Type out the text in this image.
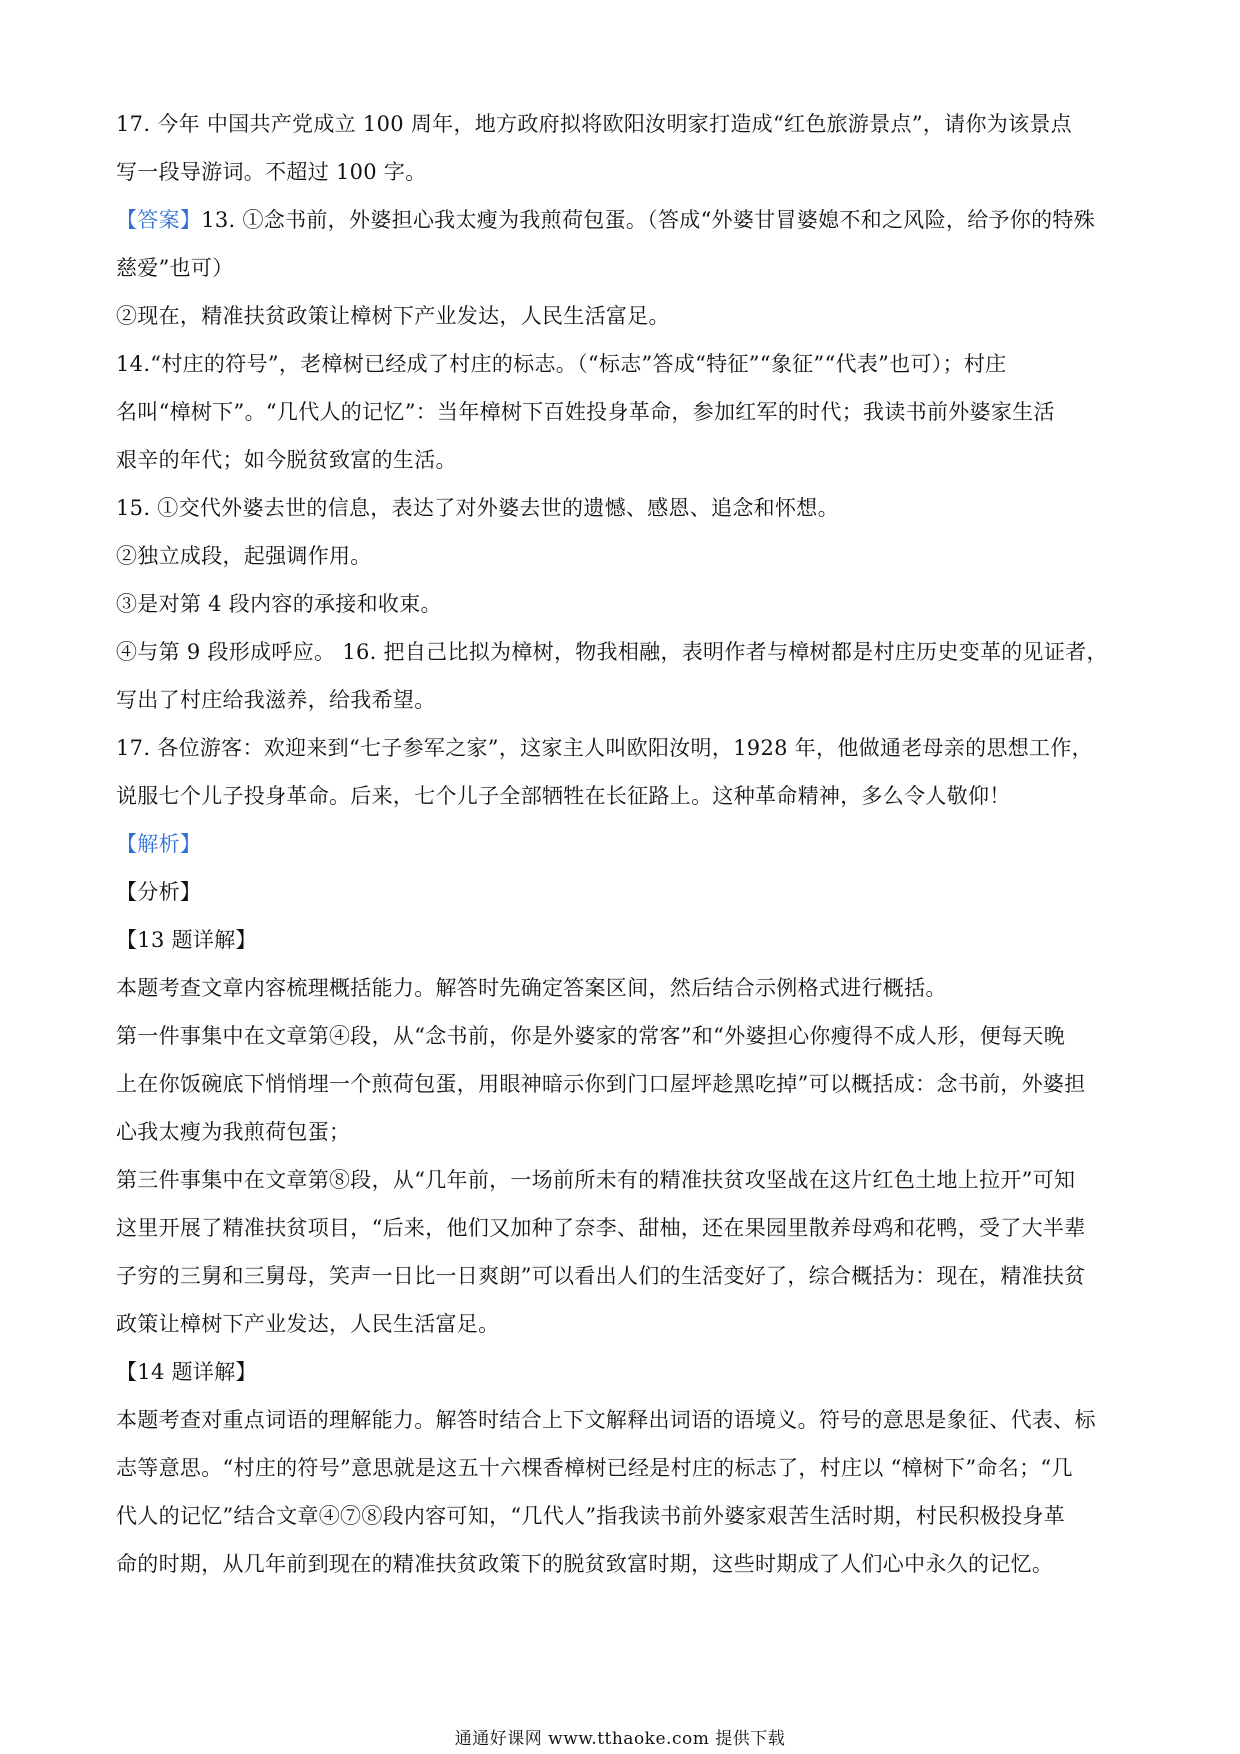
17. 今年 中国共产党成立 100 周年，地方政府拟将欧阳汝明家打造成“红色旅游景点”，请你为该景点
写一段导游词。不超过 100 字。
【答案】13. ①念书前，外婆担心我太瘦为我煎荷包蛋。（答成“外婆甘冒婆媳不和之风险，给予你的特殊
慈爱”也可）
②现在，精准扶贫政策让樟树下产业发达，人民生活富足。
14.“村庄的符号”，老樟树已经成了村庄的标志。（“标志”答成“特征”“象征”“代表”也可）；村庄
名叫“樟树下”。“几代人的记忆”：当年樟树下百姓投身革命，参加红军的时代；我读书前外婆家生活
艰辛的年代；如今脱贫致富的生活。
15. ①交代外婆去世的信息，表达了对外婆去世的遗憾、感恩、追念和怀想。
②独立成段，起强调作用。
③是对第 4 段内容的承接和收束。
④与第 9 段形成呼应。 16. 把自己比拟为樟树，物我相融，表明作者与樟树都是村庄历史变革的见证者，
写出了村庄给我滋养，给我希望。
17. 各位游客：欢迎来到“七子参军之家”，这家主人叫欧阳汝明，1928 年，他做通老母亲的思想工作，
说服七个儿子投身革命。后来，七个儿子全部牺牲在长征路上。这种革命精神，多么令人敬仰！
【解析】
【分析】
【13 题详解】
本题考查文章内容梳理概括能力。解答时先确定答案区间，然后结合示例格式进行概括。
第一件事集中在文章第④段，从“念书前，你是外婆家的常客”和“外婆担心你瘦得不成人形，便每天晚
上在你饭碗底下悄悄埋一个煎荷包蛋，用眼神暗示你到门口屋坪趁黑吃掉”可以概括成：念书前，外婆担
心我太瘦为我煎荷包蛋；
第三件事集中在文章第⑧段，从“几年前，一场前所未有的精准扶贫攻坚战在这片红色土地上拉开”可知
这里开展了精准扶贫项目，“后来，他们又加种了奈李、甜柚，还在果园里散养母鸡和花鸭，受了大半辈
子穷的三舅和三舅母，笑声一日比一日爽朗”可以看出人们的生活变好了，综合概括为：现在，精准扶贫
政策让樟树下产业发达，人民生活富足。
【14 题详解】
本题考查对重点词语的理解能力。解答时结合上下文解释出词语的语境义。符号的意思是象征、代表、标
志等意思。“村庄的符号”意思就是这五十六棵香樟树已经是村庄的标志了，村庄以 “樟树下”命名；“几
代人的记忆”结合文章④⑦⑧段内容可知，“几代人”指我读书前外婆家艰苦生活时期，村民积极投身革
命的时期，从几年前到现在的精准扶贫政策下的脱贫致富时期，这些时期成了人们心中永久的记忆。
通通好课网 www.tthaoke.com 提供下载
